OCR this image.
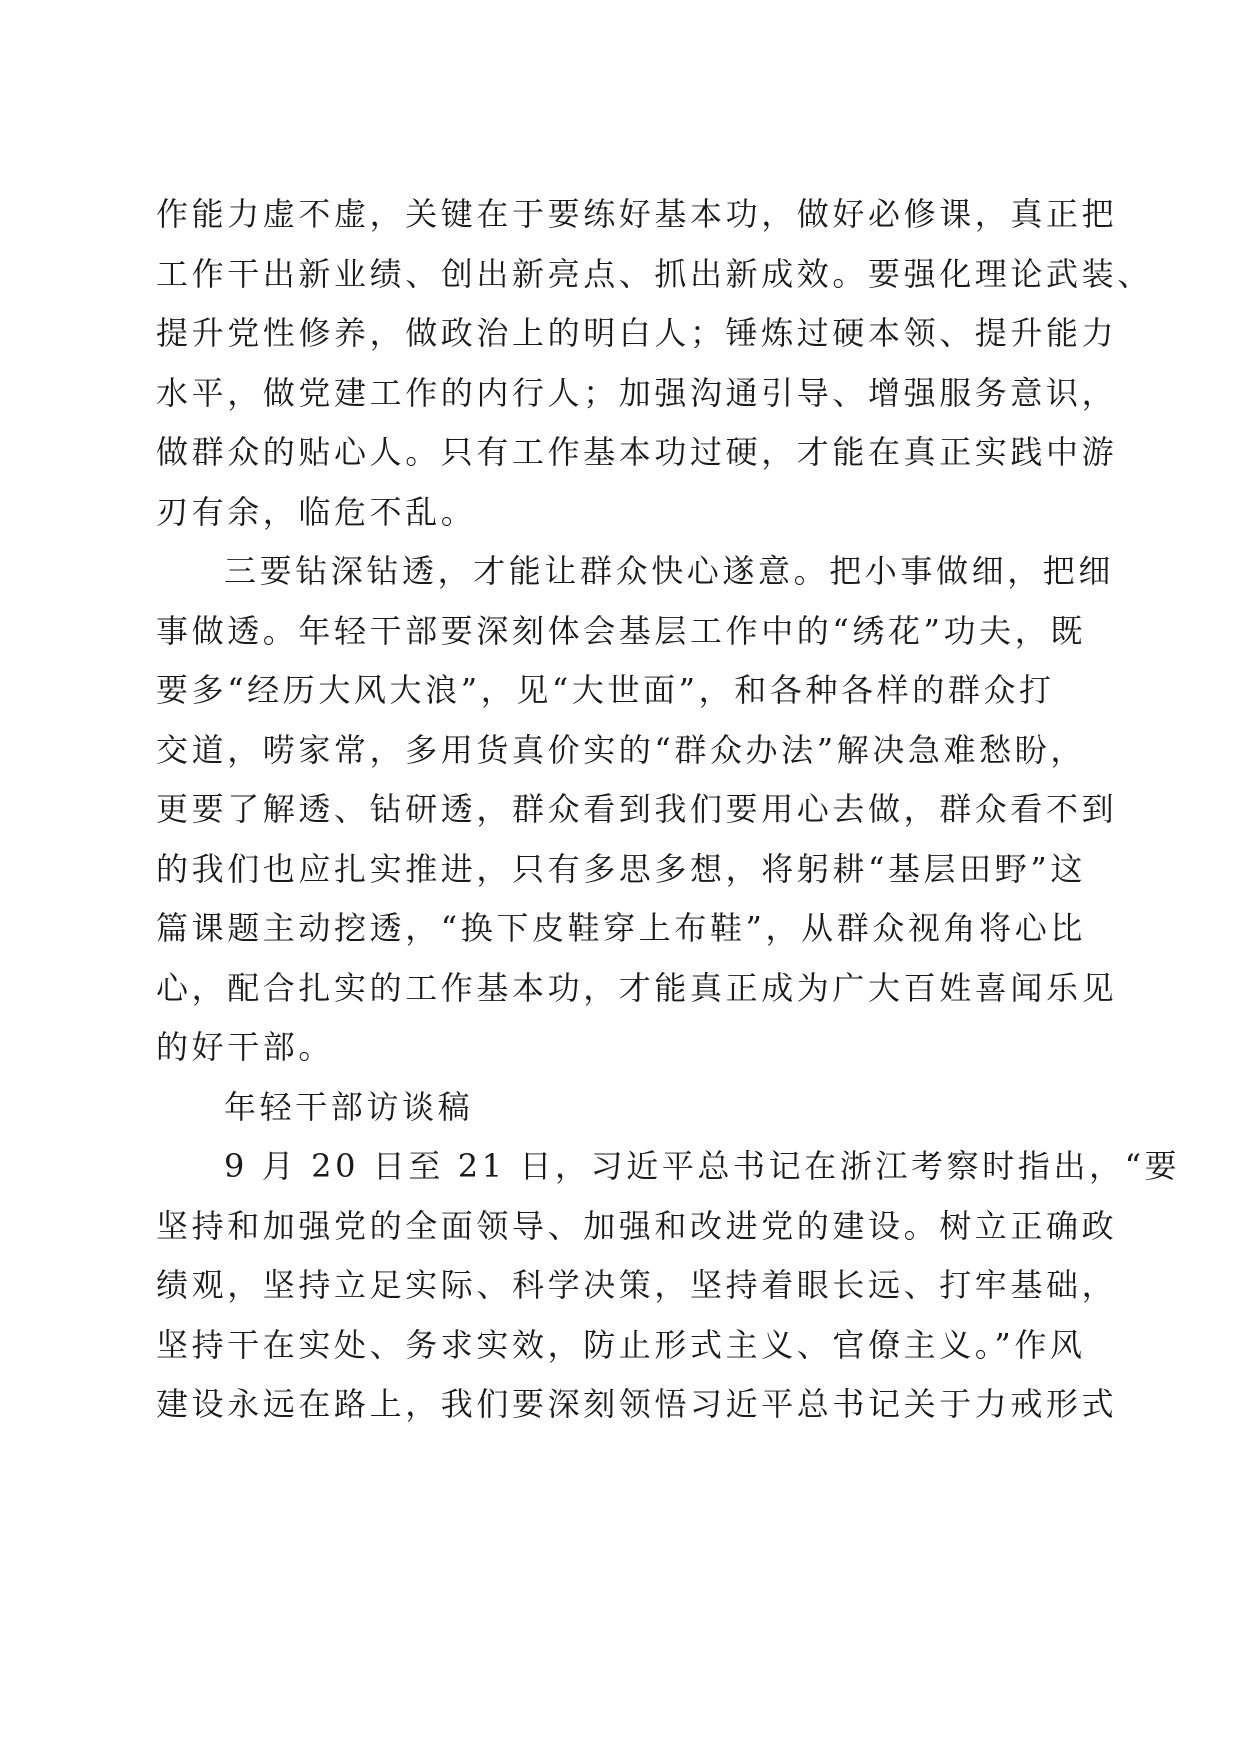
作能力虚不虚，关键在于要练好基本功，做好必修课，真正把
工作干出新业绩、创出新亮点、抓出新成效。要强化理论武装、
提升党性修养，做政治上的明白人；锤炼过硬本领、提升能力
水平，做党建工作的内行人；加强沟通引导、增强服务意识，
做群众的贴心人。只有工作基本功过硬，才能在真正实践中游
刃有余，临危不乱。
三要钻深钻透，才能让群众快心遂意。把小事做细，把细
事做透。年轻干部要深刻体会基层工作中的“绣花”功夫，既
要多“经历大风大浪”，见“大世面”，和各种各样的群众打
交道，唠家常，多用货真价实的“群众办法”解决急难愁盼，
更要了解透、钻研透，群众看到我们要用心去做，群众看不到
的我们也应扎实推进，只有多思多想，将躬耕“基层田野”这
篇课题主动挖透，“换下皮鞋穿上布鞋”，从群众视角将心比
心，配合扎实的工作基本功，才能真正成为广大百姓喜闻乐见
的好干部。
年轻干部访谈稿
9 月 20 日至 21 日，习近平总书记在浙江考察时指出，“要
坚持和加强党的全面领导、加强和改进党的建设。树立正确政
绩观，坚持立足实际、科学决策，坚持着眼长远、打牢基础，
坚持干在实处、务求实效，防止形式主义、官僚主义。”作风
建设永远在路上，我们要深刻领悟习近平总书记关于力戒形式
